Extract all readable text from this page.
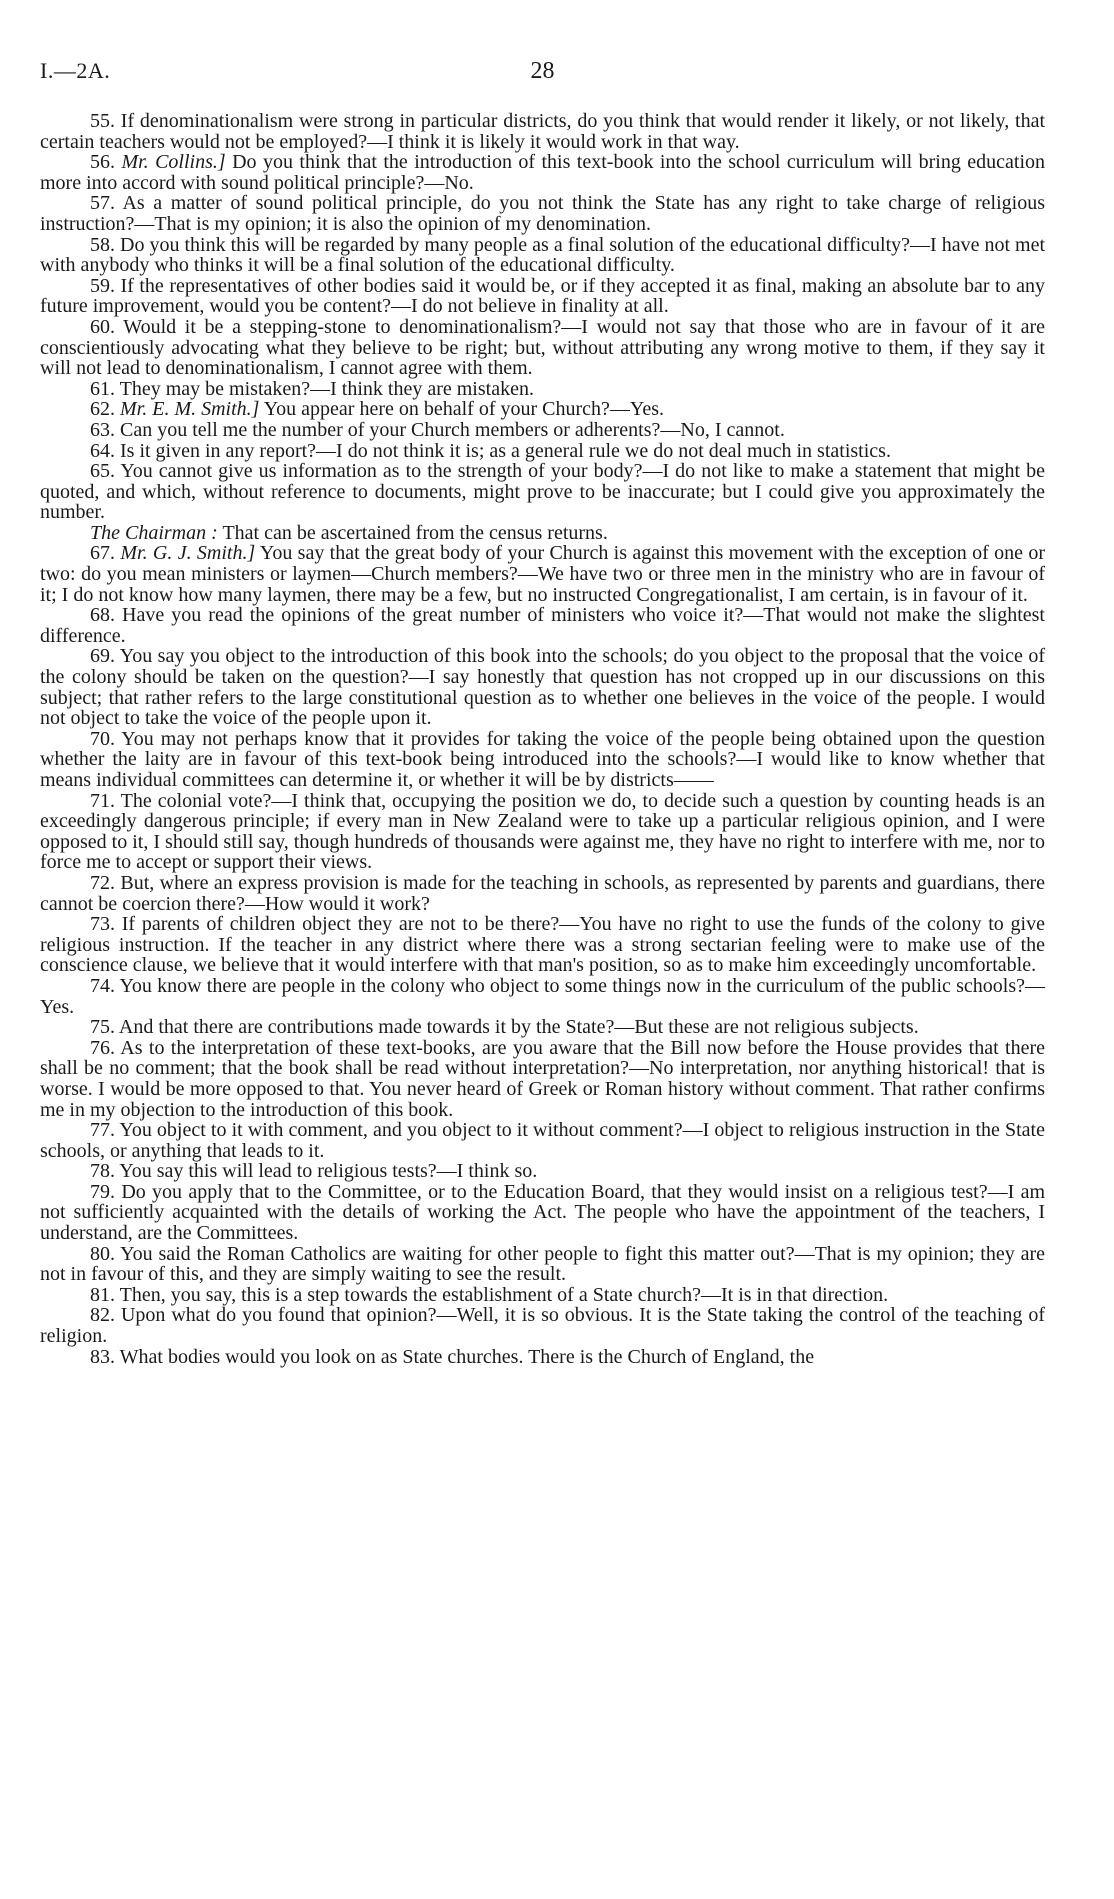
I.—2A.	28

55. If denominationalism were strong in particular districts, do you think that would render it likely, or not likely, that certain teachers would not be employed?—I think it is likely it would work in that way.

56. Mr. Collins.] Do you think that the introduction of this text-book into the school curriculum will bring education more into accord with sound political principle?—No.

57. As a matter of sound political principle, do you not think the State has any right to take charge of religious instruction?—That is my opinion; it is also the opinion of my denomination.

58. Do you think this will be regarded by many people as a final solution of the educational difficulty?—I have not met with anybody who thinks it will be a final solution of the educational difficulty.

59. If the representatives of other bodies said it would be, or if they accepted it as final, making an absolute bar to any future improvement, would you be content?—I do not believe in finality at all.

60. Would it be a stepping-stone to denominationalism?—I would not say that those who are in favour of it are conscientiously advocating what they believe to be right; but, without attributing any wrong motive to them, if they say it will not lead to denominationalism, I cannot agree with them.

61. They may be mistaken?—I think they are mistaken.

62. Mr. E. M. Smith.] You appear here on behalf of your Church?—Yes.

63. Can you tell me the number of your Church members or adherents?—No, I cannot.

64. Is it given in any report?—I do not think it is; as a general rule we do not deal much in statistics.

65. You cannot give us information as to the strength of your body?—I do not like to make a statement that might be quoted, and which, without reference to documents, might prove to be inaccurate; but I could give you approximately the number.

The Chairman : That can be ascertained from the census returns.

67. Mr. G. J. Smith.] You say that the great body of your Church is against this movement with the exception of one or two: do you mean ministers or laymen—Church members?—We have two or three men in the ministry who are in favour of it; I do not know how many laymen, there may be a few, but no instructed Congregationalist, I am certain, is in favour of it.

68. Have you read the opinions of the great number of ministers who voice it?—That would not make the slightest difference.

69. You say you object to the introduction of this book into the schools; do you object to the proposal that the voice of the colony should be taken on the question?—I say honestly that question has not cropped up in our discussions on this subject; that rather refers to the large constitutional question as to whether one believes in the voice of the people. I would not object to take the voice of the people upon it.

70. You may not perhaps know that it provides for taking the voice of the people being obtained upon the question whether the laity are in favour of this text-book being introduced into the schools?—I would like to know whether that means individual committees can determine it, or whether it will be by districts——

71. The colonial vote?—I think that, occupying the position we do, to decide such a question by counting heads is an exceedingly dangerous principle; if every man in New Zealand were to take up a particular religious opinion, and I were opposed to it, I should still say, though hundreds of thousands were against me, they have no right to interfere with me, nor to force me to accept or support their views.

72. But, where an express provision is made for the teaching in schools, as represented by parents and guardians, there cannot be coercion there?—How would it work?

73. If parents of children object they are not to be there?—You have no right to use the funds of the colony to give religious instruction. If the teacher in any district where there was a strong sectarian feeling were to make use of the conscience clause, we believe that it would interfere with that man's position, so as to make him exceedingly uncomfortable.

74. You know there are people in the colony who object to some things now in the curriculum of the public schools?—Yes.

75. And that there are contributions made towards it by the State?—But these are not religious subjects.

76. As to the interpretation of these text-books, are you aware that the Bill now before the House provides that there shall be no comment; that the book shall be read without interpretation?—No interpretation, nor anything historical! that is worse. I would be more opposed to that. You never heard of Greek or Roman history without comment. That rather confirms me in my objection to the introduction of this book.

77. You object to it with comment, and you object to it without comment?—I object to religious instruction in the State schools, or anything that leads to it.

78. You say this will lead to religious tests?—I think so.

79. Do you apply that to the Committee, or to the Education Board, that they would insist on a religious test?—I am not sufficiently acquainted with the details of working the Act. The people who have the appointment of the teachers, I understand, are the Committees.

80. You said the Roman Catholics are waiting for other people to fight this matter out?—That is my opinion; they are not in favour of this, and they are simply waiting to see the result.

81. Then, you say, this is a step towards the establishment of a State church?—It is in that direction.

82. Upon what do you found that opinion?—Well, it is so obvious. It is the State taking the control of the teaching of religion.

83. What bodies would you look on as State churches. There is the Church of England, the
